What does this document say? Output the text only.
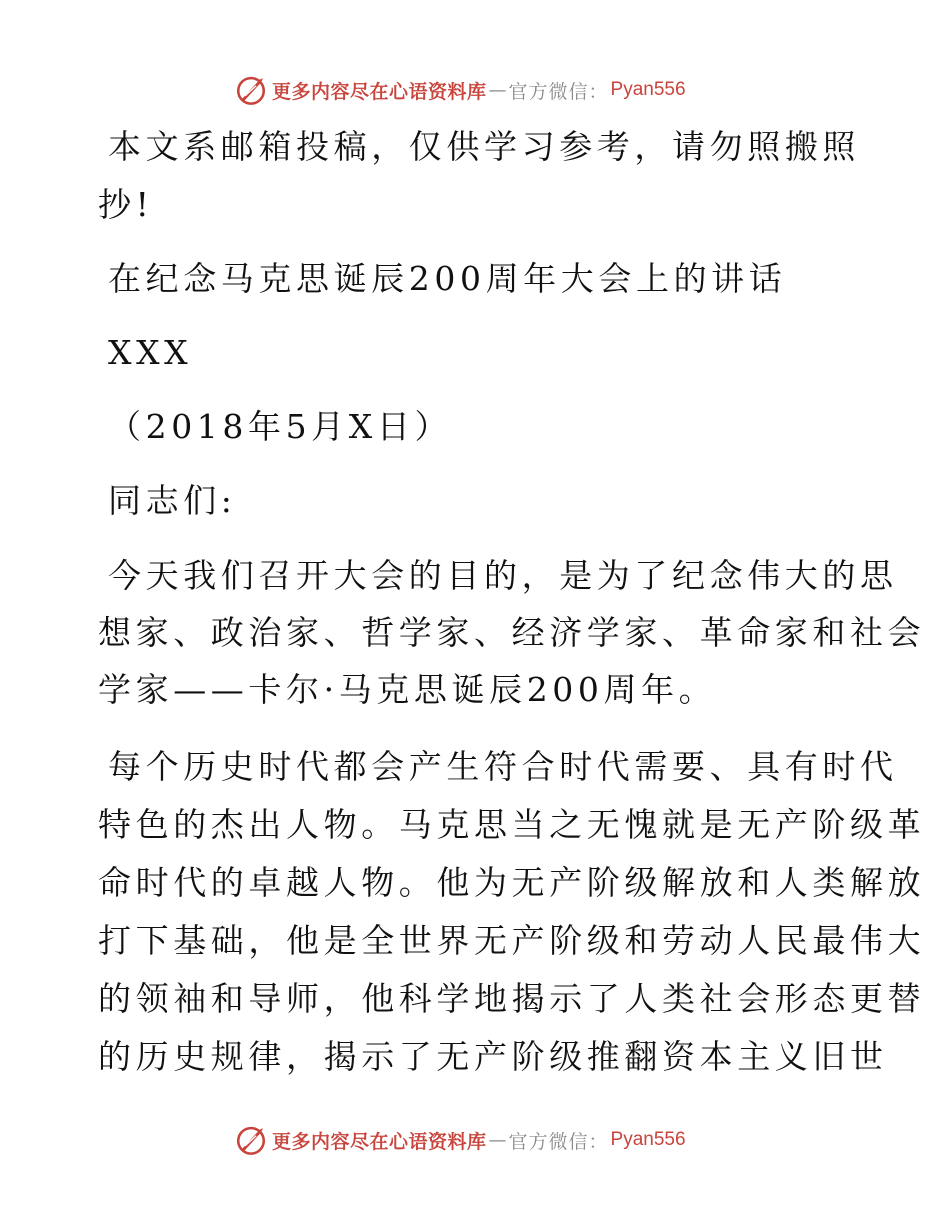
更多内容尽在心语资料库 — 官方微信： Pyan556
本文系邮箱投稿，仅供学习参考，请勿照搬照
抄!
在纪念马克思诞辰200周年大会上的讲话
XXX
（2018年5月X日）
同志们:
今天我们召开大会的目的，是为了纪念伟大的思
想家、政治家、哲学家、经济学家、革命家和社会
学家——卡尔·马克思诞辰200周年。
每个历史时代都会产生符合时代需要、具有时代
特色的杰出人物。马克思当之无愧就是无产阶级革
命时代的卓越人物。他为无产阶级解放和人类解放
打下基础，他是全世界无产阶级和劳动人民最伟大
的领袖和导师，他科学地揭示了人类社会形态更替
的历史规律，揭示了无产阶级推翻资本主义旧世
更多内容尽在心语资料库 — 官方微信： Pyan556
